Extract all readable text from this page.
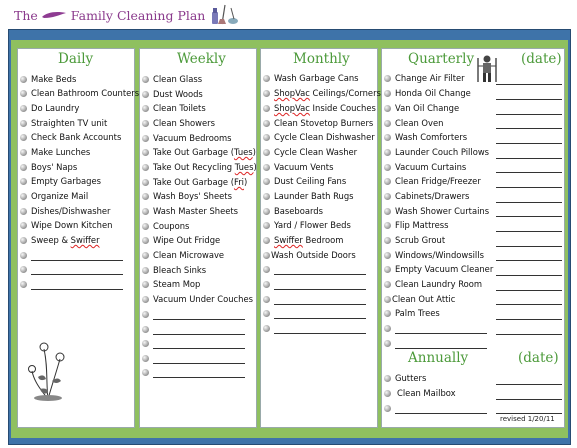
The	Family Cleaning Plan
Daily
Make Beds
Clean Bathroom Counters
Do Laundry
Straighten TV unit
Check Bank Accounts
Make Lunches
Boys' Naps
Empty Garbages
Organize Mail
Dishes/Dishwasher
Wipe Down Kitchen
Sweep & Swiffer
Weekly
Clean Glass
Dust Woods
Clean Toilets
Clean Showers
Vacuum Bedrooms
Take Out Garbage ( Tues )
Take Out Recycling Tues )
Take Out Garbage ( Fri )
Wash Boys' Sheets
Wash Master Sheets
Coupons
Wipe Out Fridge
Clean Microwave
Bleach Sinks
Steam Mop
Vacuum Under Couches
Monthly
Wash Garbage Cans
ShopVac Ceilings/Corners
ShopVac Inside Couches
Clean Stovetop Burners
Cycle Clean Dishwasher
Cycle Clean Washer
Vacuum Vents
Dust Ceiling Fans
Launder Bath Rugs
Baseboards
Yard / Flower Beds
Swiffer Bedroom
Wash Outside Doors
Quarterly	(date)
Change Air Filter
Honda Oil Change
Van Oil Change
Clean Oven
Wash Comforters
Launder Couch Pillows
Vacuum Curtains
Clean Fridge/Freezer
Cabinets/Drawers
Wash Shower Curtains
Flip Mattress
Scrub Grout
Windows/Windowsills
Empty Vacuum Cleaner
Clean Laundry Room
Clean Out Attic
Palm Trees
Annually	(date)
Gutters
Clean Mailbox
revised 1/20/11
